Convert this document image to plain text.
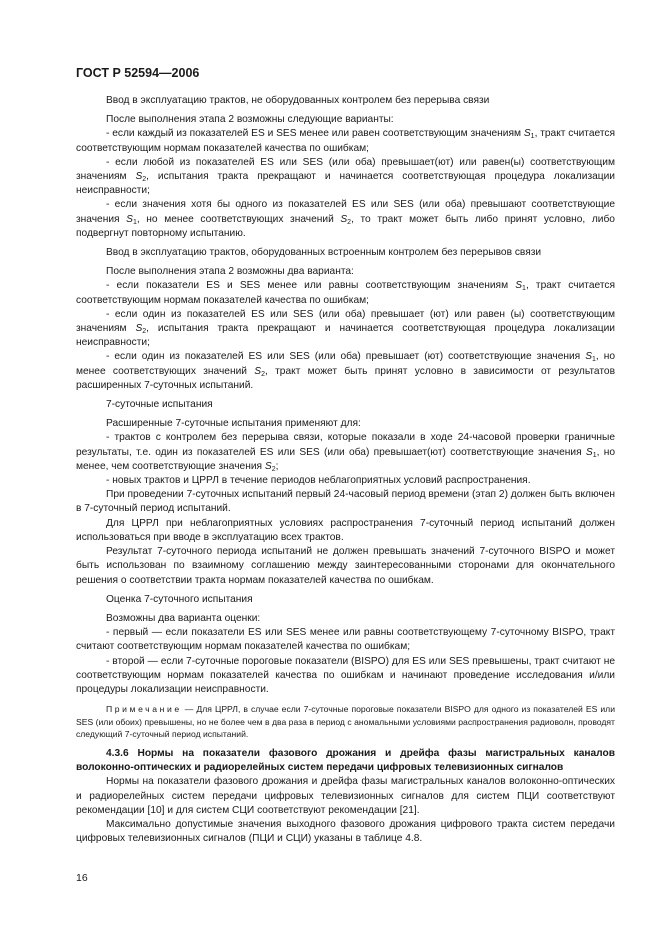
ГОСТ Р 52594—2006

Ввод в эксплуатацию трактов, не оборудованных контролем без перерыва связи

После выполнения этапа 2 возможны следующие варианты:

- если каждый из показателей ES и SES менее или равен соответствующим значениям $S_1$, тракт считается соответствующим нормам показателей качества по ошибкам;

- если любой из показателей ES или SES (или оба) превышает(ют) или равен(ы) соответствующим значениям $S_2$, испытания тракта прекращают и начинается соответствующая процедура локализации неисправности;

- если значения хотя бы одного из показателей ES или SES (или оба) превышают соответствующие значения $S_1$, но менее соответствующих значений $S_2$, то тракт может быть либо принят условно, либо подвергнут повторному испытанию.

Ввод в эксплуатацию трактов, оборудованных встроенным контролем без перерывов связи

После выполнения этапа 2 возможны два варианта:

- если показатели ES и SES менее или равны соответствующим значениям $S_1$, тракт считается соответствующим нормам показателей качества по ошибкам;

- если один из показателей ES или SES (или оба) превышает (ют) или равен (ы) соответствующим значениям $S_2$, испытания тракта прекращают и начинается соответствующая процедура локализации неисправности;

- если один из показателей ES или SES (или оба) превышает (ют) соответствующие значения $S_1$, но менее соответствующих значений $S_2$, тракт может быть принят условно в зависимости от результатов расширенных 7-суточных испытаний.

7-суточные испытания

Расширенные 7-суточные испытания применяют для:

- трактов с контролем без перерыва связи, которые показали в ходе 24-часовой проверки граничные результаты, т.е. один из показателей ES или SES (или оба) превышает(ют) соответствующие значения $S_1$, но менее, чем соответствующие значения $S_2$;

- новых трактов и ЦРРЛ в течение периодов неблагоприятных условий распространения.

При проведении 7-суточных испытаний первый 24-часовый период времени (этап 2) должен быть включен в 7-суточный период испытаний.

Для ЦРРЛ при неблагоприятных условиях распространения 7-суточный период испытаний должен использоваться при вводе в эксплуатацию всех трактов.

Результат 7-суточного периода испытаний не должен превышать значений 7-суточного BISPO и может быть использован по взаимному соглашению между заинтересованными сторонами для окончательного решения о соответствии тракта нормам показателей качества по ошибкам.

Оценка 7-суточного испытания

Возможны два варианта оценки:

- первый — если показатели ES или SES менее или равны соответствующему 7-суточному BISPO, тракт считают соответствующим нормам показателей качества по ошибкам;

- второй — если 7-суточные пороговые показатели (BISPO) для ES или SES превышены, тракт считают не соответствующим нормам показателей качества по ошибкам и начинают проведение исследования и/или процедуры локализации неисправности.

Примечание — Для ЦРРЛ, в случае если 7-суточные пороговые показатели BISPO для одного из показателей ES или SES (или обоих) превышены, но не более чем в два раза в период с аномальными условиями распространения радиоволн, проводят следующий 7-суточный период испытаний.

4.3.6 Нормы на показатели фазового дрожания и дрейфа фазы магистральных каналов волоконно-оптических и радиорелейных систем передачи цифровых телевизионных сигналов

Нормы на показатели фазового дрожания и дрейфа фазы магистральных каналов волоконно-оптических и радиорелейных систем передачи цифровых телевизионных сигналов для систем ПЦИ соответствуют рекомендации [10] и для систем СЦИ соответствуют рекомендации [21].

Максимально допустимые значения выходного фазового дрожания цифрового тракта систем передачи цифровых телевизионных сигналов (ПЦИ и СЦИ) указаны в таблице 4.8.

16
